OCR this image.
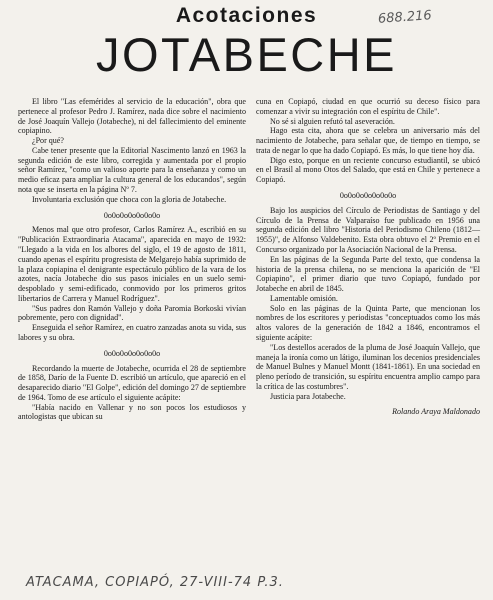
Acotaciones
JOTABECHE
688.216

El libro "Las efemérides al servicio de la educación", obra que pertenece al profesor Pedro J. Ramírez, nada dice sobre el nacimiento de José Joaquín Vallejo (Jotabeche), ni del fallecimiento del eminente copiapino.

¿Por qué?

Cabe tener presente que la Editorial Nascimento lanzó en 1963 la segunda edición de este libro, corregida y aumentada por el propio señor Ramírez, "como un valioso aporte para la enseñanza y como un medio eficaz para ampliar la cultura general de los educandos", según nota que se inserta en la página Nº 7.

Involuntaria exclusión que choca con la gloria de Jotabeche.

0o0o0o0o0o0o0o

Menos mal que otro profesor, Carlos Ramírez A., escribió en su "Publicación Extraordinaria Atacama", aparecida en mayo de 1932: "Llegado a la vida en los albores del siglo, el 19 de agosto de 1811, cuando apenas el espíritu progresista de Melgarejo había suprimido de la plaza copiapina el denigrante espectáculo público de la vara de los azotes, nacía Jotabeche dio sus pasos iniciales en un suelo semi-despoblado y semi-edificado, conmovido por los primeros gritos libertarios de Carrera y Manuel Rodríguez".

"Sus padres don Ramón Vallejo y doña Paromia Borkoski vivían pobremente, pero con dignidad".

Enseguida el señor Ramírez, en cuatro zanzadas anota su vida, sus labores y su obra.

0o0o0o0o0o0o0o

Recordando la muerte de Jotabeche, ocurrida el 28 de septiembre de 1858, Darío de la Fuente D. escribió un artículo, que apareció en el desaparecido diario "El Golpe", edición del domingo 27 de septiembre de 1964. Tomo de ese artículo el siguiente acápite:

"Había nacido en Vallenar y no son pocos los estudiosos y antologistas que ubican su

cuna en Copiapó, ciudad en que ocurrió su deceso físico para comenzar a vivir su integración con el espíritu de Chile".

No sé si alguien refutó tal aseveración.

Hago esta cita, ahora que se celebra un aniversario más del nacimiento de Jotabeche, para señalar que, de tiempo en tiempo, se trata de negar lo que ha dado Copiapó. Es más, lo que tiene hoy día.

Digo esto, porque en un reciente concurso estudiantil, se ubicó en el Brasil al mono Otos del Salado, que está en Chile y pertenece a Copiapó.

0o0o0o0o0o0o0o

Bajo los auspicios del Círculo de Periodistas de Santiago y del Círculo de la Prensa de Valparaíso fue publicado en 1956 una segunda edición del libro "Historia del Periodismo Chileno (1812—1955)", de Alfonso Valdebenito. Esta obra obtuvo el 2º Premio en el Concurso organizado por la Asociación Nacional de la Prensa.

En las páginas de la Segunda Parte del texto, que condensa la historia de la prensa chilena, no se menciona la aparición de "El Copiapino", el primer diario que tuvo Copiapó, fundado por Jotabeche en abril de 1845.

Lamentable omisión.

Solo en las páginas de la Quinta Parte, que mencionan los nombres de los escritores y periodistas "conceptuados como los más altos valores de la generación de 1842 a 1846, encontramos el siguiente acápite:

"Los destellos acerados de la pluma de José Joaquín Vallejo, que maneja la ironía como un látigo, iluminan los decenios presidenciales de Manuel Bulnes y Manuel Montt (1841-1861). En una sociedad en pleno período de transición, su espíritu encuentra amplio campo para la crítica de las costumbres".

Justicia para Jotabeche.

Rolando Araya Maldonado

ATACAMA, COPIAPÓ, 27-VIII-74 P.3.
